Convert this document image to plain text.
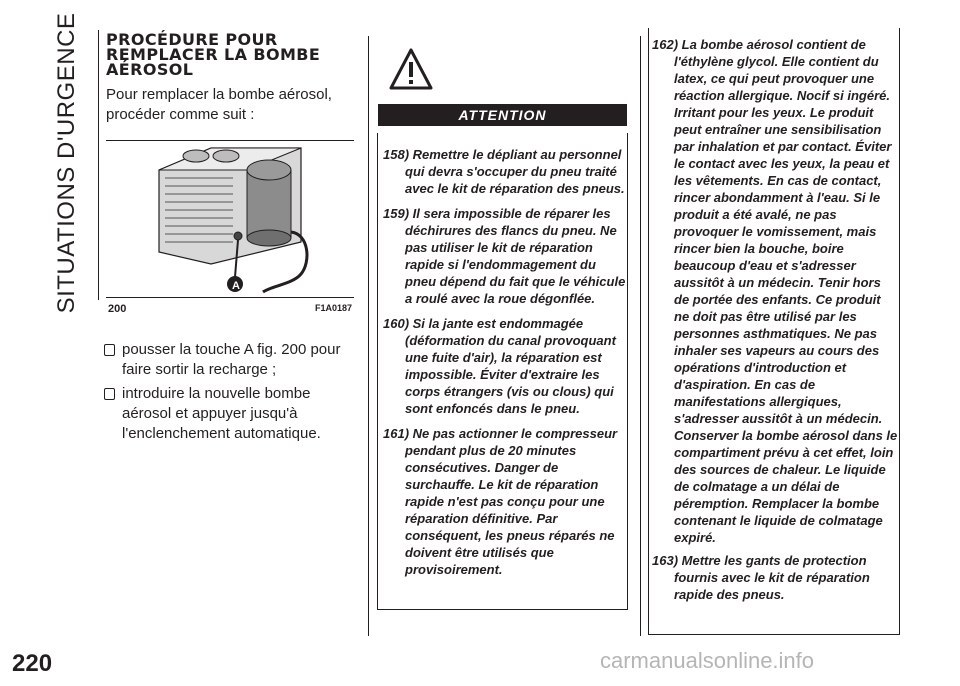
SITUATIONS D'URGENCE
220
PROCÉDURE POUR REMPLACER LA BOMBE AÉROSOL

Pour remplacer la bombe aérosol, procéder comme suit :

A
200	F1A0187
pousser la touche A fig. 200 pour faire sortir la recharge ;
introduire la nouvelle bombe aérosol et appuyer jusqu'à l'enclenchement automatique.
ATTENTION
158) Remettre le dépliant au personnel qui devra s'occuper du pneu traité avec le kit de réparation des pneus.
159) Il sera impossible de réparer les déchirures des flancs du pneu. Ne pas utiliser le kit de réparation rapide si l'endommagement du pneu dépend du fait que le véhicule a roulé avec la roue dégonflée.
160) Si la jante est endommagée (déformation du canal provoquant une fuite d'air), la réparation est impossible. Éviter d'extraire les corps étrangers (vis ou clous) qui sont enfoncés dans le pneu.
161) Ne pas actionner le compresseur pendant plus de 20 minutes consécutives. Danger de surchauffe. Le kit de réparation rapide n'est pas conçu pour une réparation définitive. Par conséquent, les pneus réparés ne doivent être utilisés que provisoirement.
162) La bombe aérosol contient de l'éthylène glycol. Elle contient du latex, ce qui peut provoquer une réaction allergique. Nocif si ingéré. Irritant pour les yeux. Le produit peut entraîner une sensibilisation par inhalation et par contact. Éviter le contact avec les yeux, la peau et les vêtements. En cas de contact, rincer abondamment à l'eau. Si le produit a été avalé, ne pas provoquer le vomissement, mais rincer bien la bouche, boire beaucoup d'eau et s'adresser aussitôt à un médecin. Tenir hors de portée des enfants. Ce produit ne doit pas être utilisé par les personnes asthmatiques. Ne pas inhaler ses vapeurs au cours des opérations d'introduction et d'aspiration. En cas de manifestations allergiques, s'adresser aussitôt à un médecin. Conserver la bombe aérosol dans le compartiment prévu à cet effet, loin des sources de chaleur. Le liquide de colmatage a un délai de péremption. Remplacer la bombe contenant le liquide de colmatage expiré.
163) Mettre les gants de protection fournis avec le kit de réparation rapide des pneus.
carmanualsonline.info
